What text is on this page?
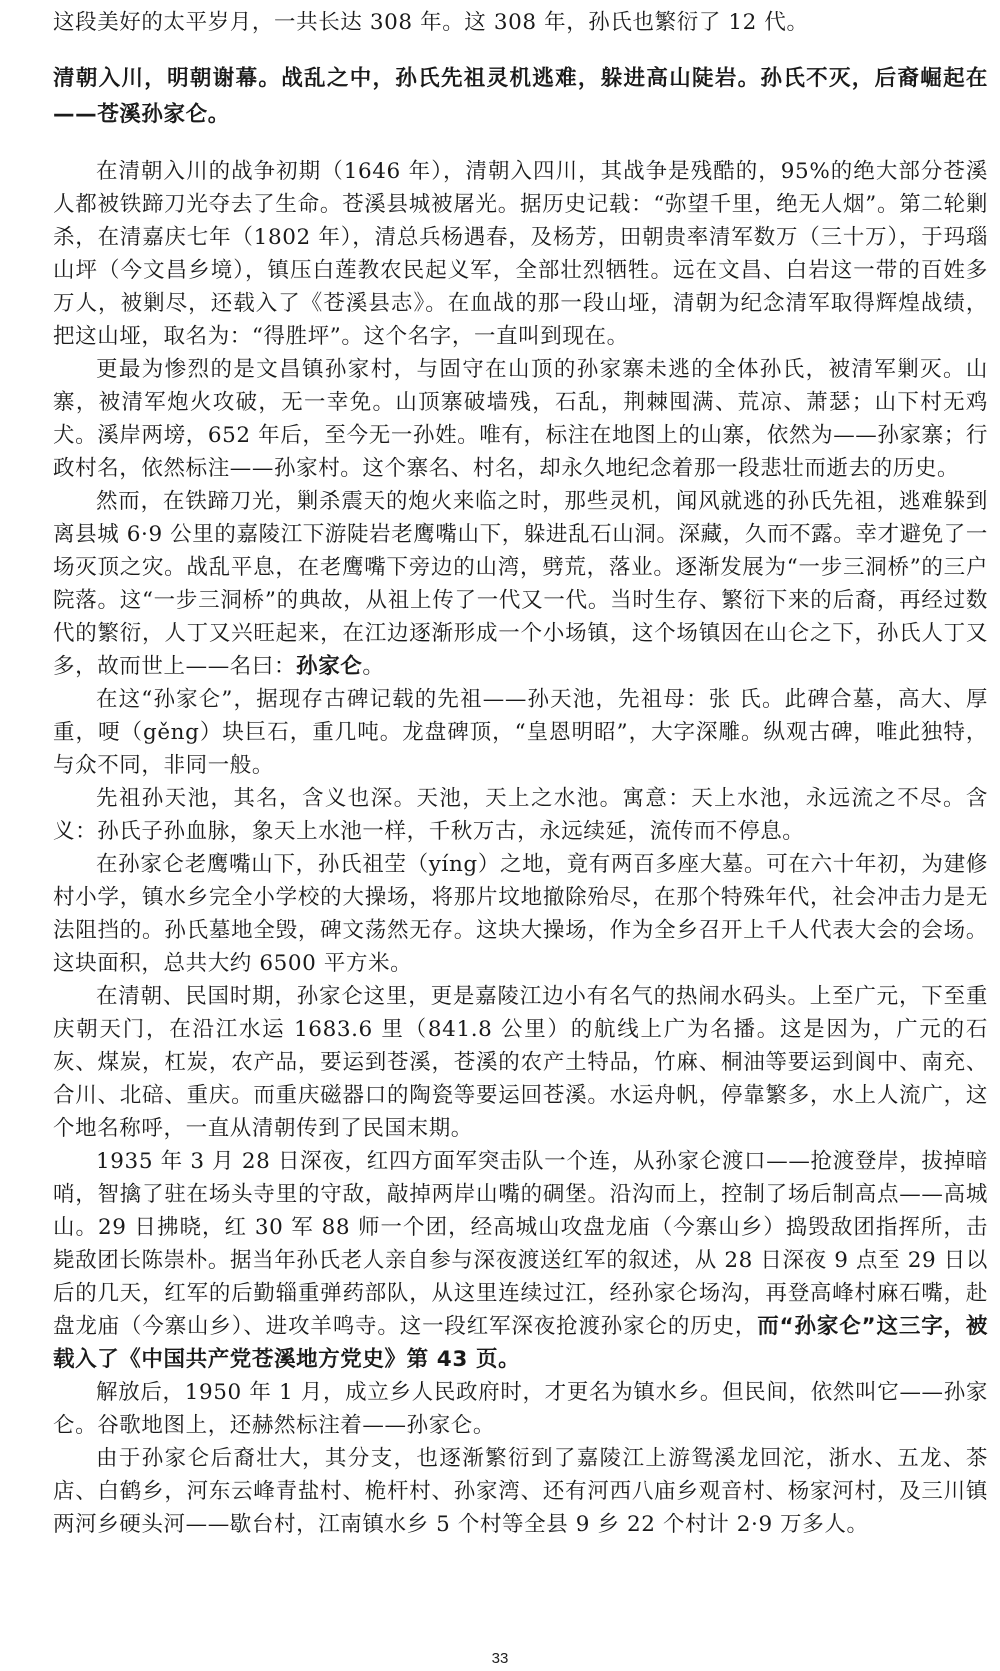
这段美好的太平岁月，一共长达 308 年。这 308 年，孙氏也繁衍了 12 代。

清朝入川，明朝谢幕。战乱之中，孙氏先祖灵机逃难，躲进高山陡岩。孙氏不灭，后裔崛起在——苍溪孙家仑。

在清朝入川的战争初期（1646 年），清朝入四川，其战争是残酷的，95%的绝大部分苍溪人都被铁蹄刀光夺去了生命。苍溪县城被屠光。据历史记载：“弥望千里，绝无人烟”。第二轮剿杀，在清嘉庆七年（1802 年），清总兵杨遇春，及杨芳，田朝贵率清军数万（三十万），于玛瑙山坪（今文昌乡境），镇压白莲教农民起义军，全部壮烈牺牲。远在文昌、白岩这一带的百姓多万人，被剿尽，还载入了《苍溪县志》。在血战的那一段山垭，清朝为纪念清军取得辉煌战绩，把这山垭，取名为：“得胜坪”。这个名字，一直叫到现在。

更最为惨烈的是文昌镇孙家村，与固守在山顶的孙家寨未逃的全体孙氏，被清军剿灭。山寨，被清军炮火攻破，无一幸免。山顶寨破墙残，石乱，荆棘囤满、荒凉、萧瑟；山下村无鸡犬。溪岸两塝，652 年后，至今无一孙姓。唯有，标注在地图上的山寨，依然为——孙家寨；行政村名，依然标注——孙家村。这个寨名、村名，却永久地纪念着那一段悲壮而逝去的历史。

然而，在铁蹄刀光，剿杀震天的炮火来临之时，那些灵机，闻风就逃的孙氏先祖，逃难躲到离县城 6·9 公里的嘉陵江下游陡岩老鹰嘴山下，躲进乱石山洞。深藏，久而不露。幸才避免了一场灭顶之灾。战乱平息，在老鹰嘴下旁边的山湾，劈荒，落业。逐渐发展为“一步三洞桥”的三户院落。这“一步三洞桥”的典故，从祖上传了一代又一代。当时生存、繁衍下来的后裔，再经过数代的繁衍，人丁又兴旺起来，在江边逐渐形成一个小场镇，这个场镇因在山仑之下，孙氏人丁又多，故而世上——名曰：孙家仑。

在这“孙家仑”，据现存古碑记载的先祖——孙天池，先祖母：张 氏。此碑合墓，高大、厚重，哽（gěng）块巨石，重几吨。龙盘碑顶，“皇恩明昭”，大字深雕。纵观古碑，唯此独特，与众不同，非同一般。

先祖孙天池，其名，含义也深。天池，天上之水池。寓意：天上水池，永远流之不尽。含义：孙氏子孙血脉，象天上水池一样，千秋万古，永远续延，流传而不停息。

在孙家仑老鹰嘴山下，孙氏祖茔（yíng）之地，竟有两百多座大墓。可在六十年初，为建修村小学，镇水乡完全小学校的大操场，将那片坟地撤除殆尽，在那个特殊年代，社会冲击力是无法阻挡的。孙氏墓地全毁，碑文荡然无存。这块大操场，作为全乡召开上千人代表大会的会场。这块面积，总共大约 6500 平方米。

在清朝、民国时期，孙家仑这里，更是嘉陵江边小有名气的热闹水码头。上至广元，下至重庆朝天门，在沿江水运 1683.6 里（841.8 公里）的航线上广为名播。这是因为，广元的石灰、煤炭，杠炭，农产品，要运到苍溪，苍溪的农产土特品，竹麻、桐油等要运到阆中、南充、合川、北碚、重庆。而重庆磁器口的陶瓷等要运回苍溪。水运舟帆，停靠繁多，水上人流广，这个地名称呼，一直从清朝传到了民国末期。

1935 年 3 月 28 日深夜，红四方面军突击队一个连，从孙家仑渡口——抢渡登岸，拔掉暗哨，智擒了驻在场头寺里的守敌，敲掉两岸山嘴的碉堡。沿沟而上，控制了场后制高点——高城山。29 日拂晓，红 30 军 88 师一个团，经高城山攻盘龙庙（今寨山乡）捣毁敌团指挥所，击毙敌团长陈崇朴。据当年孙氏老人亲自参与深夜渡送红军的叙述，从 28 日深夜 9 点至 29 日以后的几天，红军的后勤辎重弹药部队，从这里连续过江，经孙家仑场沟，再登高峰村麻石嘴，赴盘龙庙（今寨山乡）、进攻羊鸣寺。这一段红军深夜抢渡孙家仑的历史，而“孙家仑”这三字，被载入了《中国共产党苍溪地方党史》第 43 页。

解放后，1950 年 1 月，成立乡人民政府时，才更名为镇水乡。但民间，依然叫它——孙家仑。谷歌地图上，还赫然标注着——孙家仑。

由于孙家仑后裔壮大，其分支，也逐渐繁衍到了嘉陵江上游鸳溪龙回沱，浙水、五龙、茶店、白鹤乡，河东云峰青盐村、桅杆村、孙家湾、还有河西八庙乡观音村、杨家河村，及三川镇两河乡硬头河——歇台村，江南镇水乡 5 个村等全县 9 乡 22 个村计 2·9 万多人。

33
